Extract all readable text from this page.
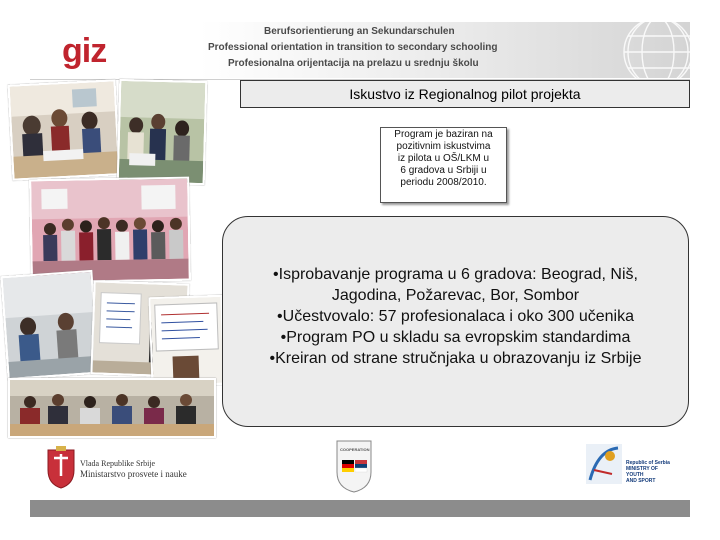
giz
Berufsorientierung an Sekundarschulen
Professional orientation in transition to secondary schooling
Profesionalna orijentacija na prelazu u srednju školu
Iskustvo iz Regionalnog pilot projekta
Program je baziran na
pozitivnim iskustvima
iz pilota u OŠ/LKM u
6 gradova u Srbiji u
periodu 2008/2010.
•Isprobavanje programa u 6 gradova: Beograd, Niš,
Jagodina, Požarevac, Bor, Sombor
•Učestvovalo: 57 profesionalaca i oko 300 učenika
•Program PO u skladu sa evropskim standardima
•Kreiran od strane stručnjaka u obrazovanju iz Srbije
Vlada Republike Srbije
Ministarstvo prosvete i nauke
COOPERATION
Republic of Serbia
MINISTRY OF
YOUTH
AND SPORT
